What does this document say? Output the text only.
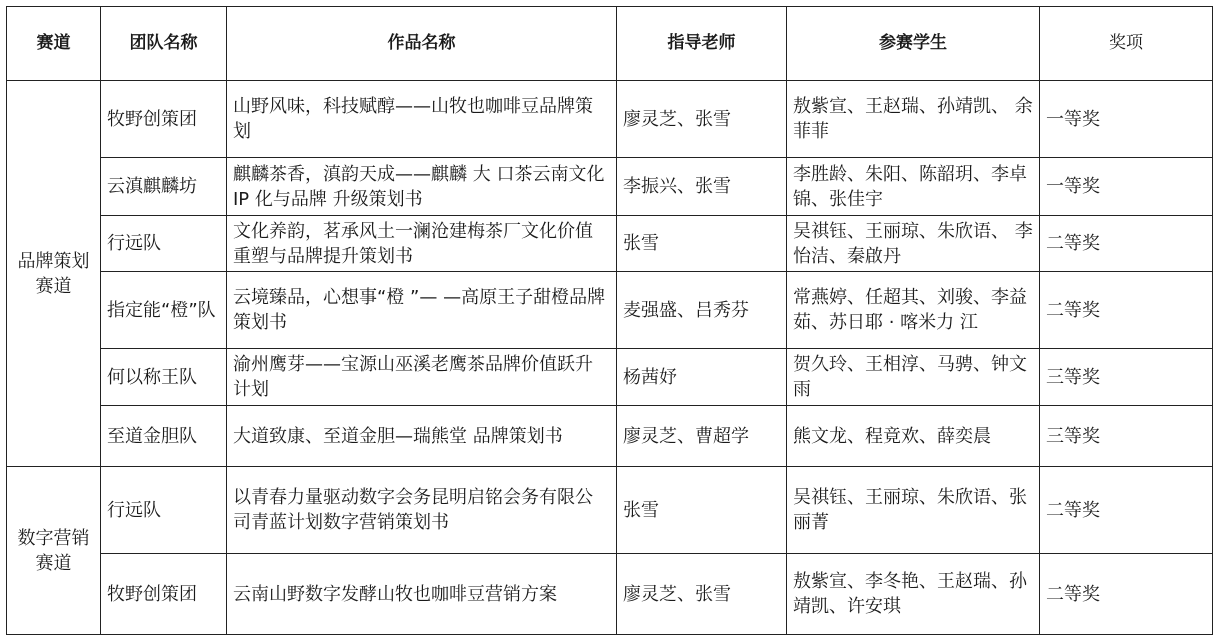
赛道	团队名称	作品名称	指导老师	参赛学生	奖项
品牌策划赛道	牧野创策团	山野风味，科技赋醇——山牧也咖啡豆品牌策划	廖灵芝、张雪	敖紫宣、王赵瑞、孙靖凯、 余菲菲	一等奖
	云滇麒麟坊	麒麟茶香，滇韵天成——麒麟 大 口茶云南文化 IP 化与品牌 升级策划书	李振兴、张雪	李胜龄、朱阳、陈韶玥、李卓锦、张佳宇	一等奖
	行远队	文化养韵，茗承风土一澜沧建梅茶厂文化价值重塑与品牌提升策划书	张雪	吴祺钰、王丽琼、朱欣语、 李怡洁、秦啟丹	二等奖
	指定能“橙”队	云境臻品，心想事“橙 ”— —高原王子甜橙品牌策划书	麦强盛、吕秀芬	常燕婷、任超其、刘骏、李益茹、苏日耶 · 喀米力 江	二等奖
	何以称王队	渝州鹰芽——宝源山巫溪老鹰茶品牌价值跃升计划	杨茜妤	贺久玲、王相淳、马骋、钟文雨	三等奖
	至道金胆队	大道致康、至道金胆—瑞熊堂 品牌策划书	廖灵芝、曹超学	熊文龙、程竟欢、薛奕晨	三等奖
数字营销赛道	行远队	以青春力量驱动数字会务昆明启铭会务有限公司青蓝计划数字营销策划书	张雪	吴祺钰、王丽琼、朱欣语、张丽菁	二等奖
	牧野创策团	云南山野数字发酵山牧也咖啡豆营销方案	廖灵芝、张雪	敖紫宣、李冬艳、王赵瑞、孙靖凯、许安琪	二等奖
